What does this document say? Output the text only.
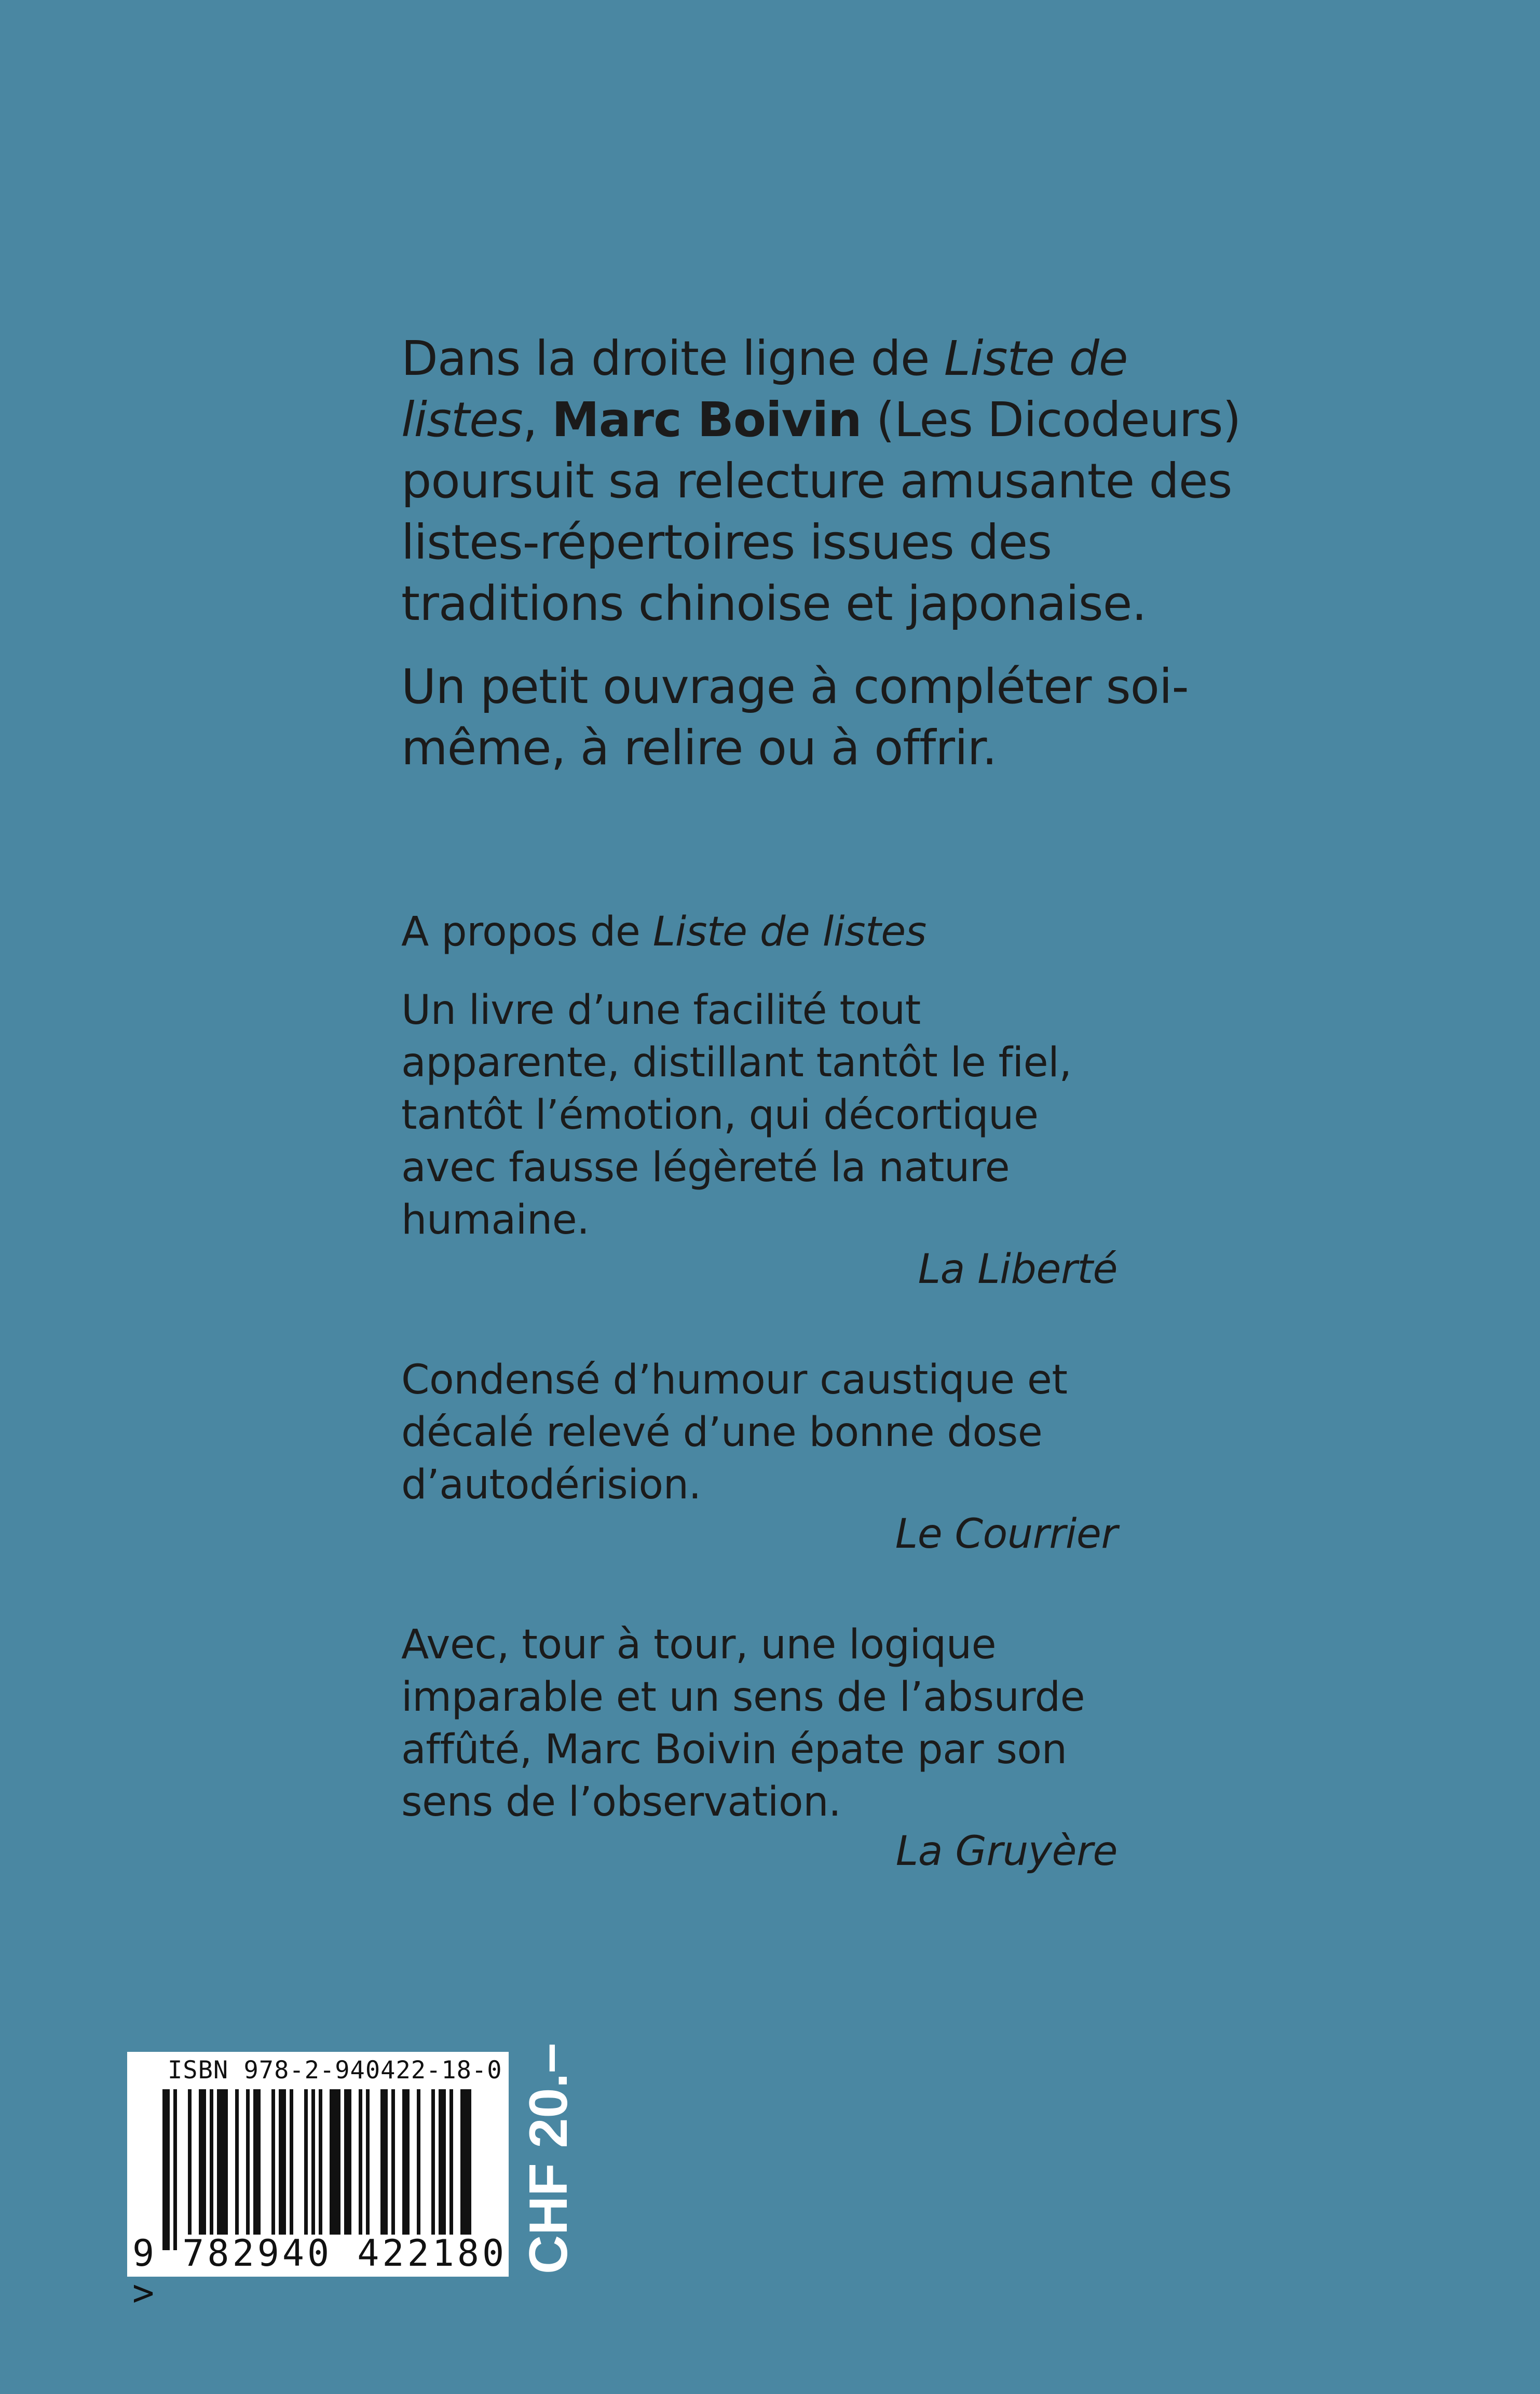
Dans la droite ligne de Liste de listes, Marc Boivin (Les Dicodeurs) poursuit sa relecture amusante des listes-répertoires issues des traditions chinoise et japonaise.

Un petit ouvrage à compléter soi-même, à relire ou à offrir.

A propos de Liste de listes

Un livre d’une facilité tout apparente, distillant tantôt le fiel, tantôt l’émotion, qui décortique avec fausse légèreté la nature humaine.

La Liberté

Condensé d’humour caustique et décalé relevé d’une bonne dose d’autodérision.

Le Courrier

Avec, tour à tour, une logique imparable et un sens de l’absurde affûté, Marc Boivin épate par son sens de l’observation.

La Gruyère
ISBN 978-2-940422-18-0
9 782940 422180 >
CHF 20.–
